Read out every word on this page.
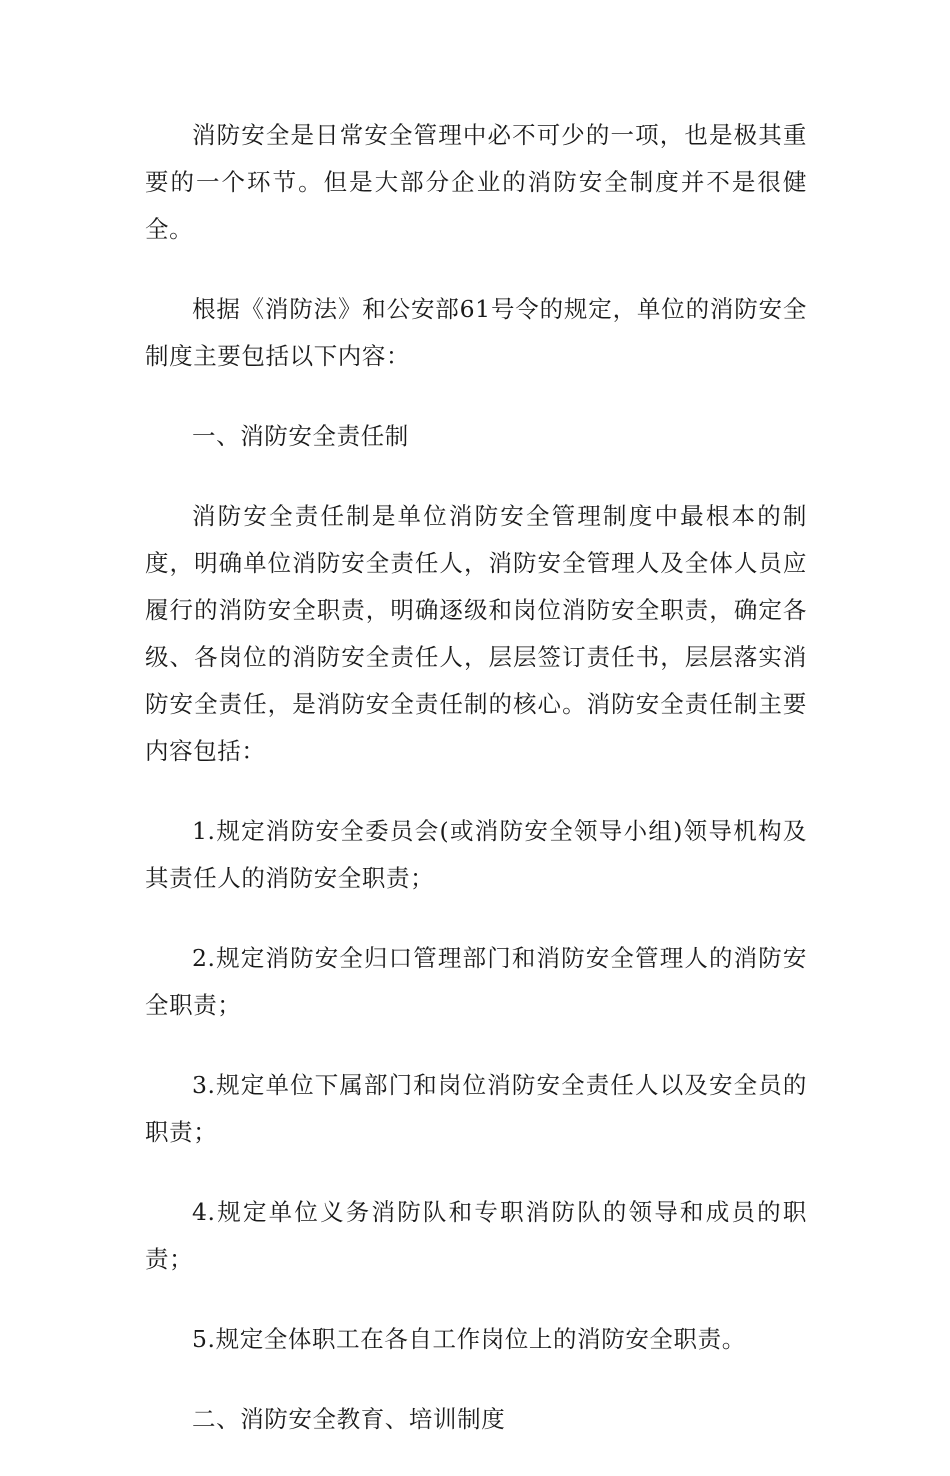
消防安全是日常安全管理中必不可少的一项，也是极其重要的一个环节。但是大部分企业的消防安全制度并不是很健全。

根据《消防法》和公安部61号令的规定，单位的消防安全制度主要包括以下内容：

一、消防安全责任制

消防安全责任制是单位消防安全管理制度中最根本的制度，明确单位消防安全责任人，消防安全管理人及全体人员应履行的消防安全职责，明确逐级和岗位消防安全职责，确定各级、各岗位的消防安全责任人，层层签订责任书，层层落实消防安全责任，是消防安全责任制的核心。消防安全责任制主要内容包括：

1.规定消防安全委员会(或消防安全领导小组)领导机构及其责任人的消防安全职责；

2.规定消防安全归口管理部门和消防安全管理人的消防安全职责；

3.规定单位下属部门和岗位消防安全责任人以及安全员的职责；

4.规定单位义务消防队和专职消防队的领导和成员的职责；

5.规定全体职工在各自工作岗位上的消防安全职责。

二、消防安全教育、培训制度
